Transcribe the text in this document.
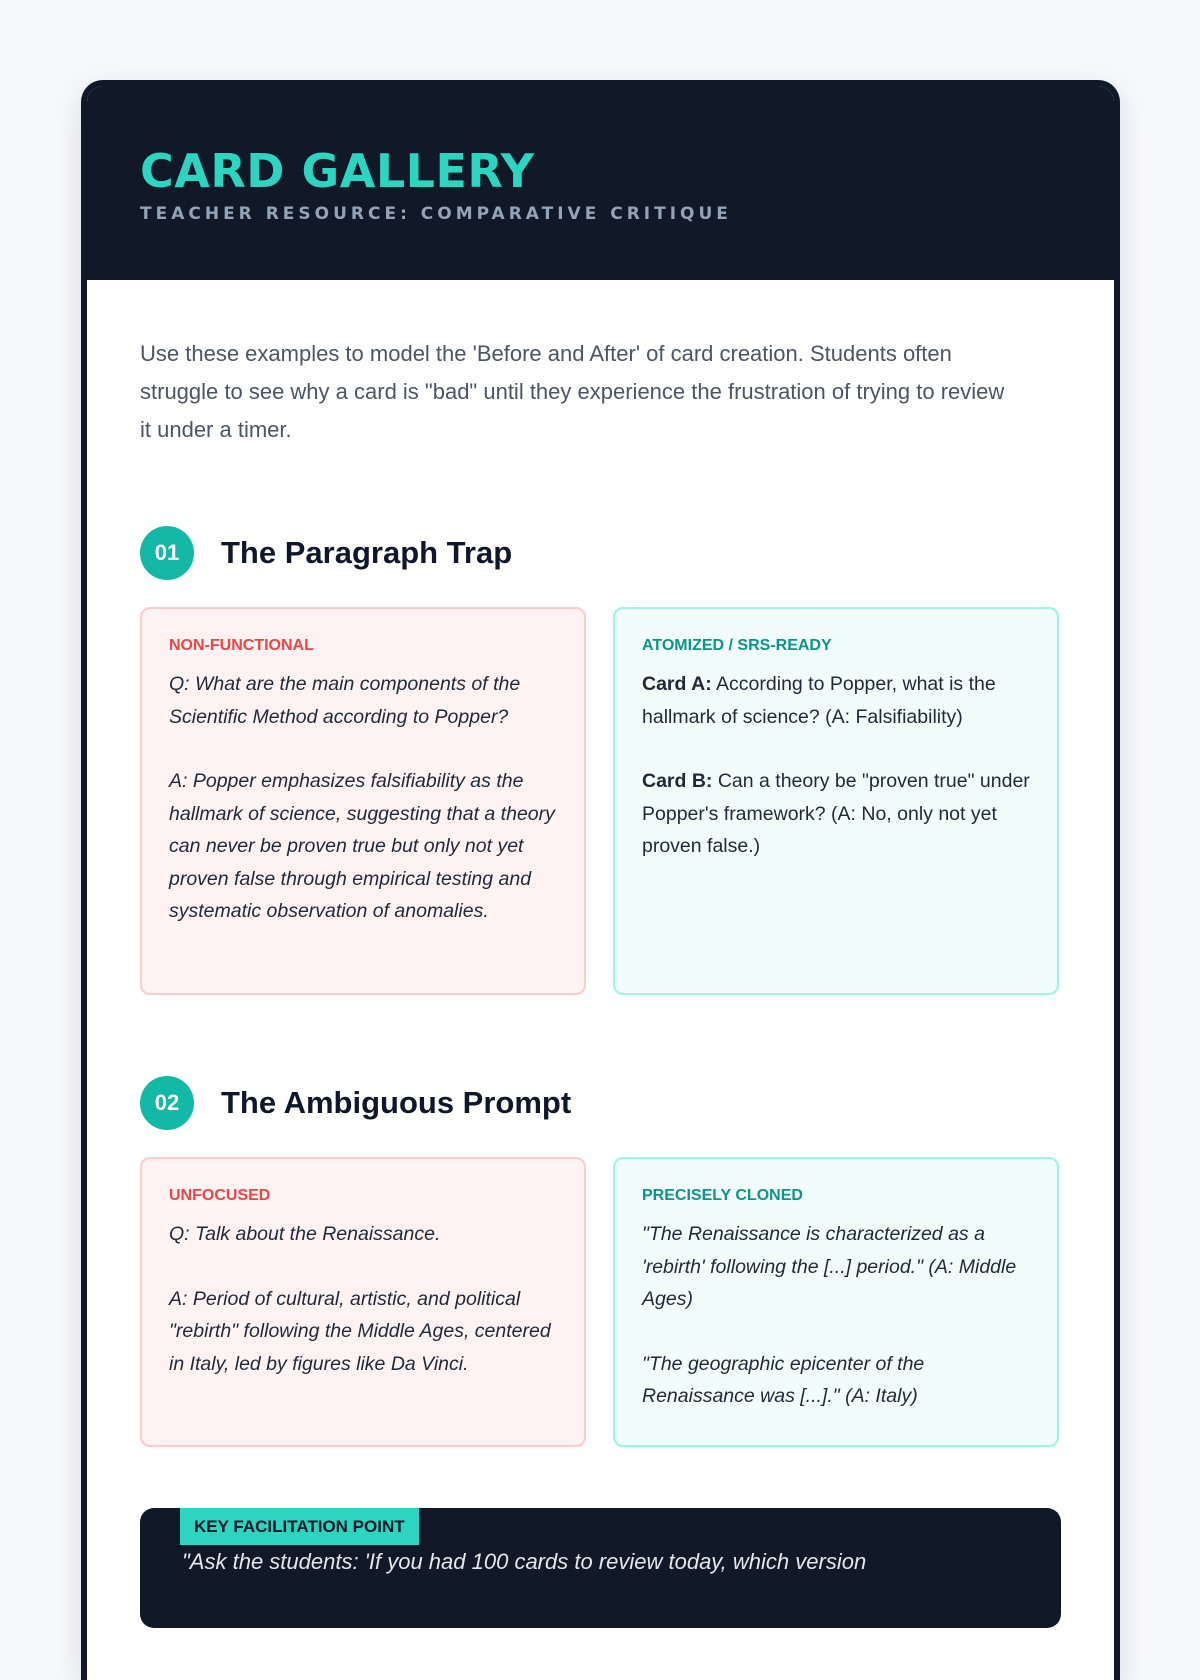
CARD GALLERY
TEACHER RESOURCE: COMPARATIVE CRITIQUE

Use these examples to model the 'Before and After' of card creation. Students often struggle to see why a card is "bad" until they experience the frustration of trying to review it under a timer.

01	The Paragraph Trap
NON-FUNCTIONAL

Q: What are the main components of the Scientific Method according to Popper?

A: Popper emphasizes falsifiability as the hallmark of science, suggesting that a theory can never be proven true but only not yet proven false through empirical testing and systematic observation of anomalies.

ATOMIZED / SRS-READY

Card A: According to Popper, what is the hallmark of science? (A: Falsifiability)

Card B: Can a theory be "proven true" under Popper's framework? (A: No, only not yet proven false.)

02	The Ambiguous Prompt
UNFOCUSED

Q: Talk about the Renaissance.

A: Period of cultural, artistic, and political "rebirth" following the Middle Ages, centered in Italy, led by figures like Da Vinci.

PRECISELY CLONED

"The Renaissance is characterized as a 'rebirth' following the [...] period." (A: Middle Ages)

"The geographic epicenter of the Renaissance was [...]." (A: Italy)

KEY FACILITATION POINT

"Ask the students: 'If you had 100 cards to review today, which version
